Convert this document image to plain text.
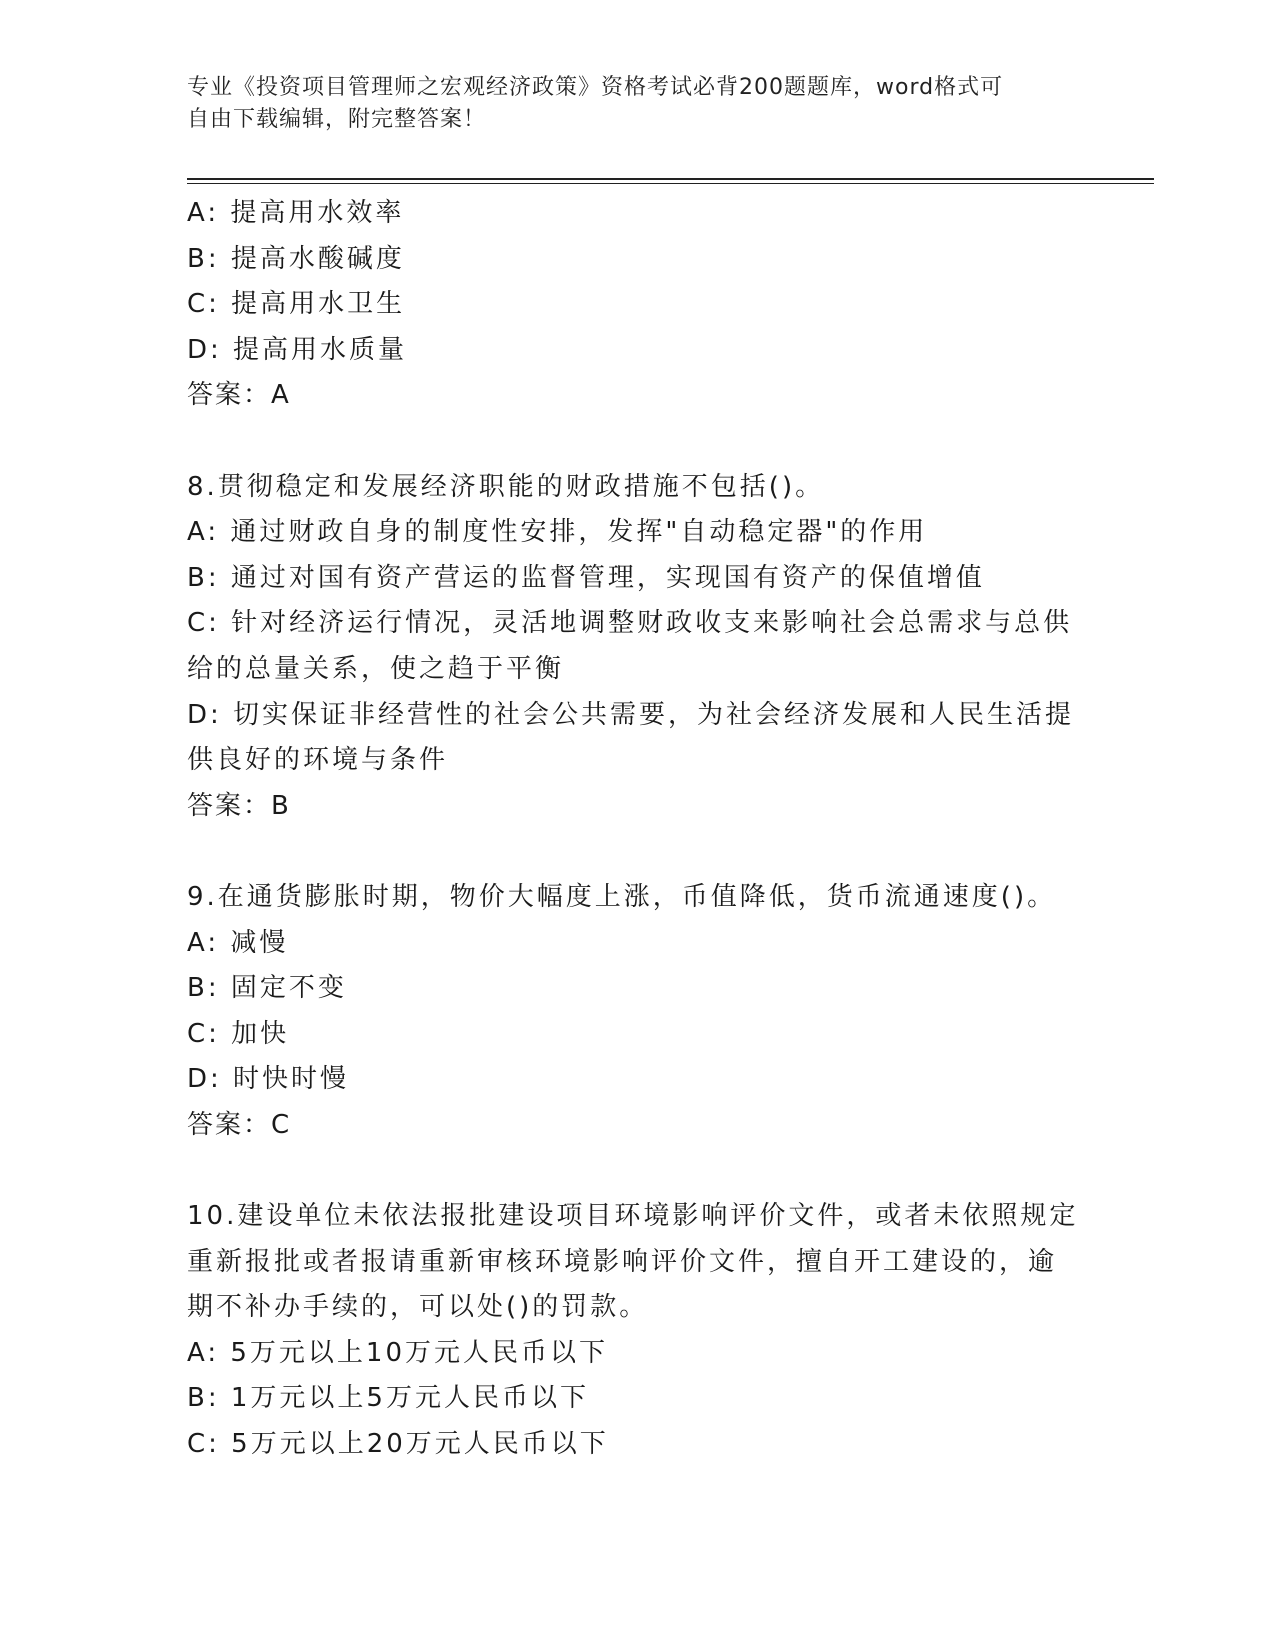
专业《投资项目管理师之宏观经济政策》资格考试必背200题题库，word格式可
自由下载编辑，附完整答案！
A: 提高用水效率
B: 提高水酸碱度
C: 提高用水卫生
D: 提高用水质量
答案：A
8.贯彻稳定和发展经济职能的财政措施不包括()。
A: 通过财政自身的制度性安排，发挥"自动稳定器"的作用
B: 通过对国有资产营运的监督管理，实现国有资产的保值增值
C: 针对经济运行情况，灵活地调整财政收支来影响社会总需求与总供
给的总量关系，使之趋于平衡
D: 切实保证非经营性的社会公共需要，为社会经济发展和人民生活提
供良好的环境与条件
答案：B
9.在通货膨胀时期，物价大幅度上涨，币值降低，货币流通速度()。
A: 减慢
B: 固定不变
C: 加快
D: 时快时慢
答案：C
10.建设单位未依法报批建设项目环境影响评价文件，或者未依照规定
重新报批或者报请重新审核环境影响评价文件，擅自开工建设的，逾
期不补办手续的，可以处()的罚款。
A: 5万元以上10万元人民币以下
B: 1万元以上5万元人民币以下
C: 5万元以上20万元人民币以下
